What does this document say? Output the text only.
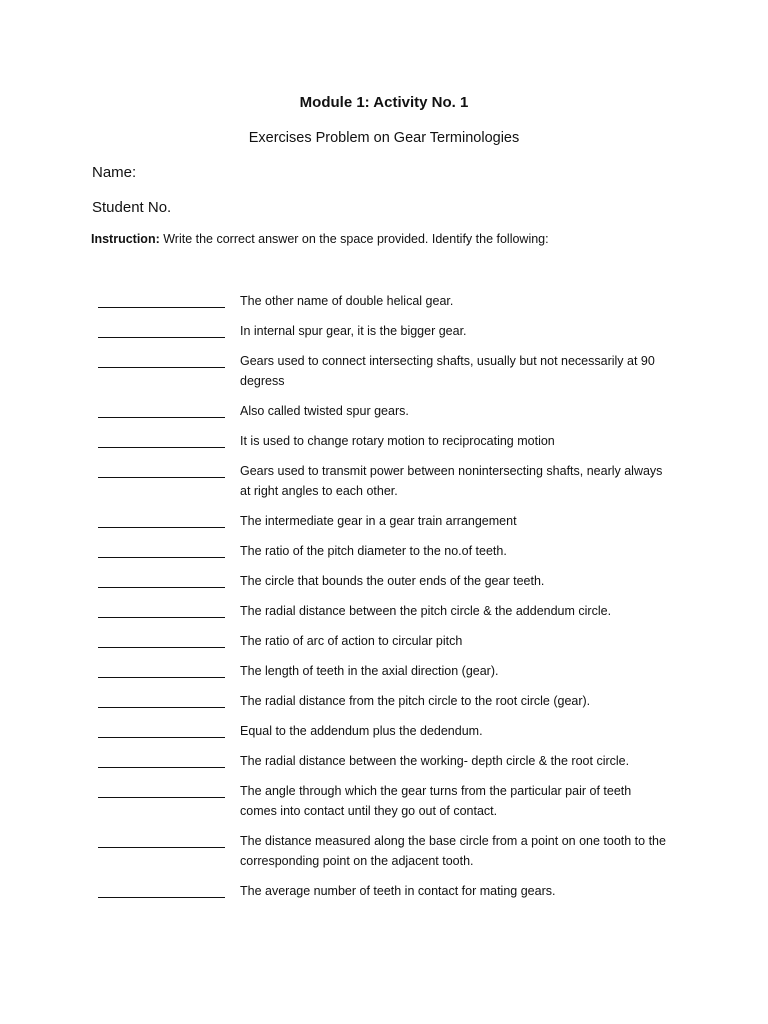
Module 1: Activity No. 1
Exercises Problem on Gear Terminologies
Name:
Student No.
Instruction: Write the correct answer on the space provided. Identify the following:
The other name of double helical gear.
In internal spur gear, it is the bigger gear.
Gears used to connect intersecting shafts, usually but not necessarily at 90 degress
Also called twisted spur gears.
It is used to change rotary motion to reciprocating motion
Gears used to transmit power between nonintersecting shafts, nearly always at right angles to each other.
The intermediate gear in a gear train arrangement
The ratio of the pitch diameter to the no.of teeth.
The circle that bounds the outer ends of the gear teeth.
The radial distance between the pitch circle & the addendum circle.
The ratio of arc of action to circular pitch
The length of teeth in the axial direction (gear).
The radial distance from the pitch circle to the root circle (gear).
Equal to the addendum plus the dedendum.
The radial distance between the working- depth circle & the root circle.
The angle through which the gear turns from the particular pair of teeth comes into contact until they go out of contact.
The distance measured along the base circle from a point on one tooth to the corresponding point on the adjacent tooth.
The average number of teeth in contact for mating gears.
